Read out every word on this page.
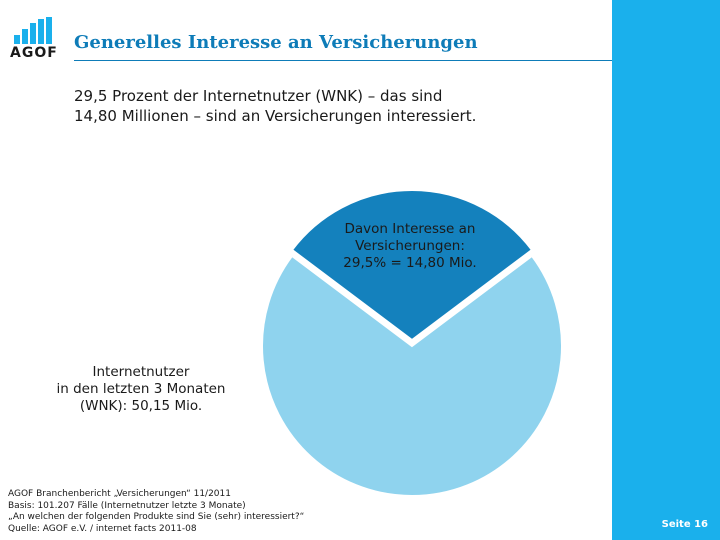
Seite 16
AGOF Generelles Interesse an Versicherungen
29,5 Prozent der Internetnutzer (WNK) – das sind
14,80 Millionen – sind an Versicherungen interessiert.
Davon Interesse an
Versicherungen:
29,5% = 14,80 Mio.
Internetnutzer
in den letzten 3 Monaten
(WNK): 50,15 Mio.
AGOF Branchenbericht „Versicherungen“ 11/2011
Basis: 101.207 Fälle (Internetnutzer letzte 3 Monate)
„An welchen der folgenden Produkte sind Sie (sehr) interessiert?“
Quelle: AGOF e.V. / internet facts 2011-08
